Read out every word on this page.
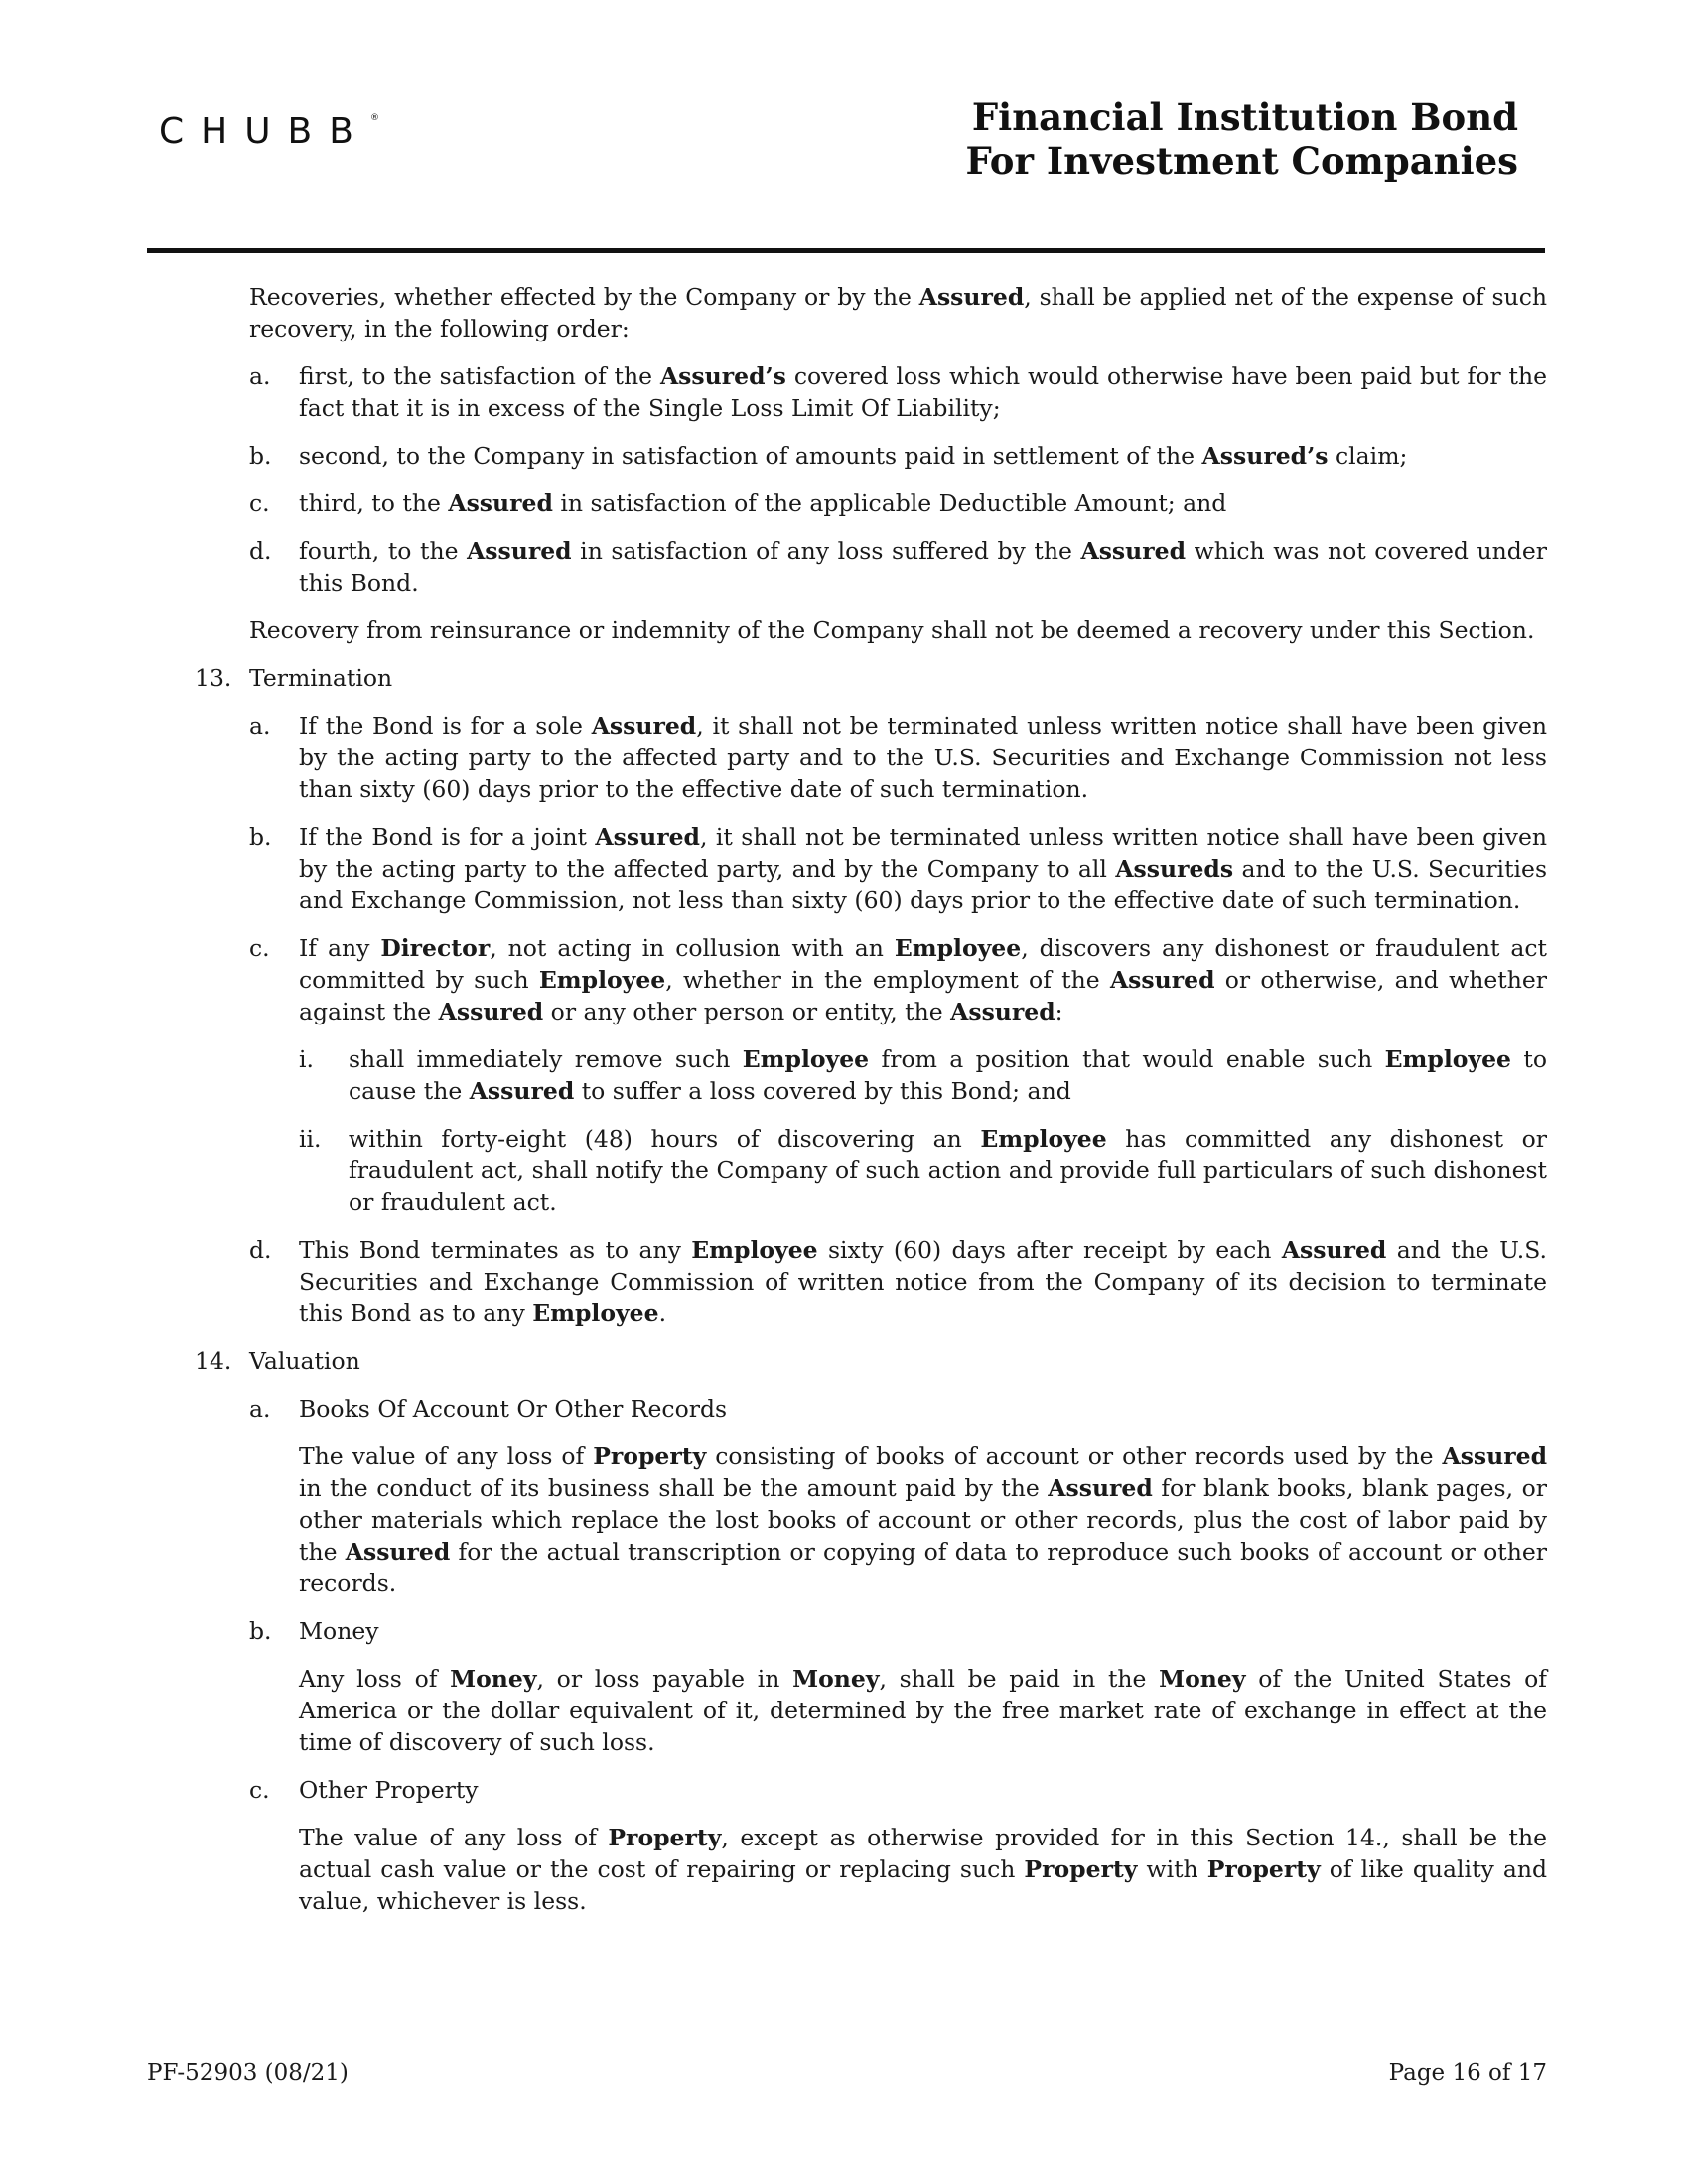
CHUBB®	Financial Institution Bond
For Investment Companies

Recoveries, whether effected by the Company or by the Assured, shall be applied net of the expense of such recovery, in the following order:

a. first, to the satisfaction of the Assured’s covered loss which would otherwise have been paid but for the fact that it is in excess of the Single Loss Limit Of Liability;
b. second, to the Company in satisfaction of amounts paid in settlement of the Assured’s claim;
c. third, to the Assured in satisfaction of the applicable Deductible Amount; and
d. fourth, to the Assured in satisfaction of any loss suffered by the Assured which was not covered under this Bond.

Recovery from reinsurance or indemnity of the Company shall not be deemed a recovery under this Section.

13. Termination
a. If the Bond is for a sole Assured, it shall not be terminated unless written notice shall have been given by the acting party to the affected party and to the U.S. Securities and Exchange Commission not less than sixty (60) days prior to the effective date of such termination.
b. If the Bond is for a joint Assured, it shall not be terminated unless written notice shall have been given by the acting party to the affected party, and by the Company to all Assureds and to the U.S. Securities and Exchange Commission, not less than sixty (60) days prior to the effective date of such termination.
c. If any Director, not acting in collusion with an Employee, discovers any dishonest or fraudulent act committed by such Employee, whether in the employment of the Assured or otherwise, and whether against the Assured or any other person or entity, the Assured:
i. shall immediately remove such Employee from a position that would enable such Employee to cause the Assured to suffer a loss covered by this Bond; and
ii. within forty-eight (48) hours of discovering an Employee has committed any dishonest or fraudulent act, shall notify the Company of such action and provide full particulars of such dishonest or fraudulent act.
d. This Bond terminates as to any Employee sixty (60) days after receipt by each Assured and the U.S. Securities and Exchange Commission of written notice from the Company of its decision to terminate this Bond as to any Employee.
14. Valuation
a. Books Of Account Or Other Records

The value of any loss of Property consisting of books of account or other records used by the Assured in the conduct of its business shall be the amount paid by the Assured for blank books, blank pages, or other materials which replace the lost books of account or other records, plus the cost of labor paid by the Assured for the actual transcription or copying of data to reproduce such books of account or other records.

b. Money

Any loss of Money, or loss payable in Money, shall be paid in the Money of the United States of America or the dollar equivalent of it, determined by the free market rate of exchange in effect at the time of discovery of such loss.

c. Other Property

The value of any loss of Property, except as otherwise provided for in this Section 14., shall be the actual cash value or the cost of repairing or replacing such Property with Property of like quality and value, whichever is less.

PF-52903 (08/21)	Page 16 of 17
